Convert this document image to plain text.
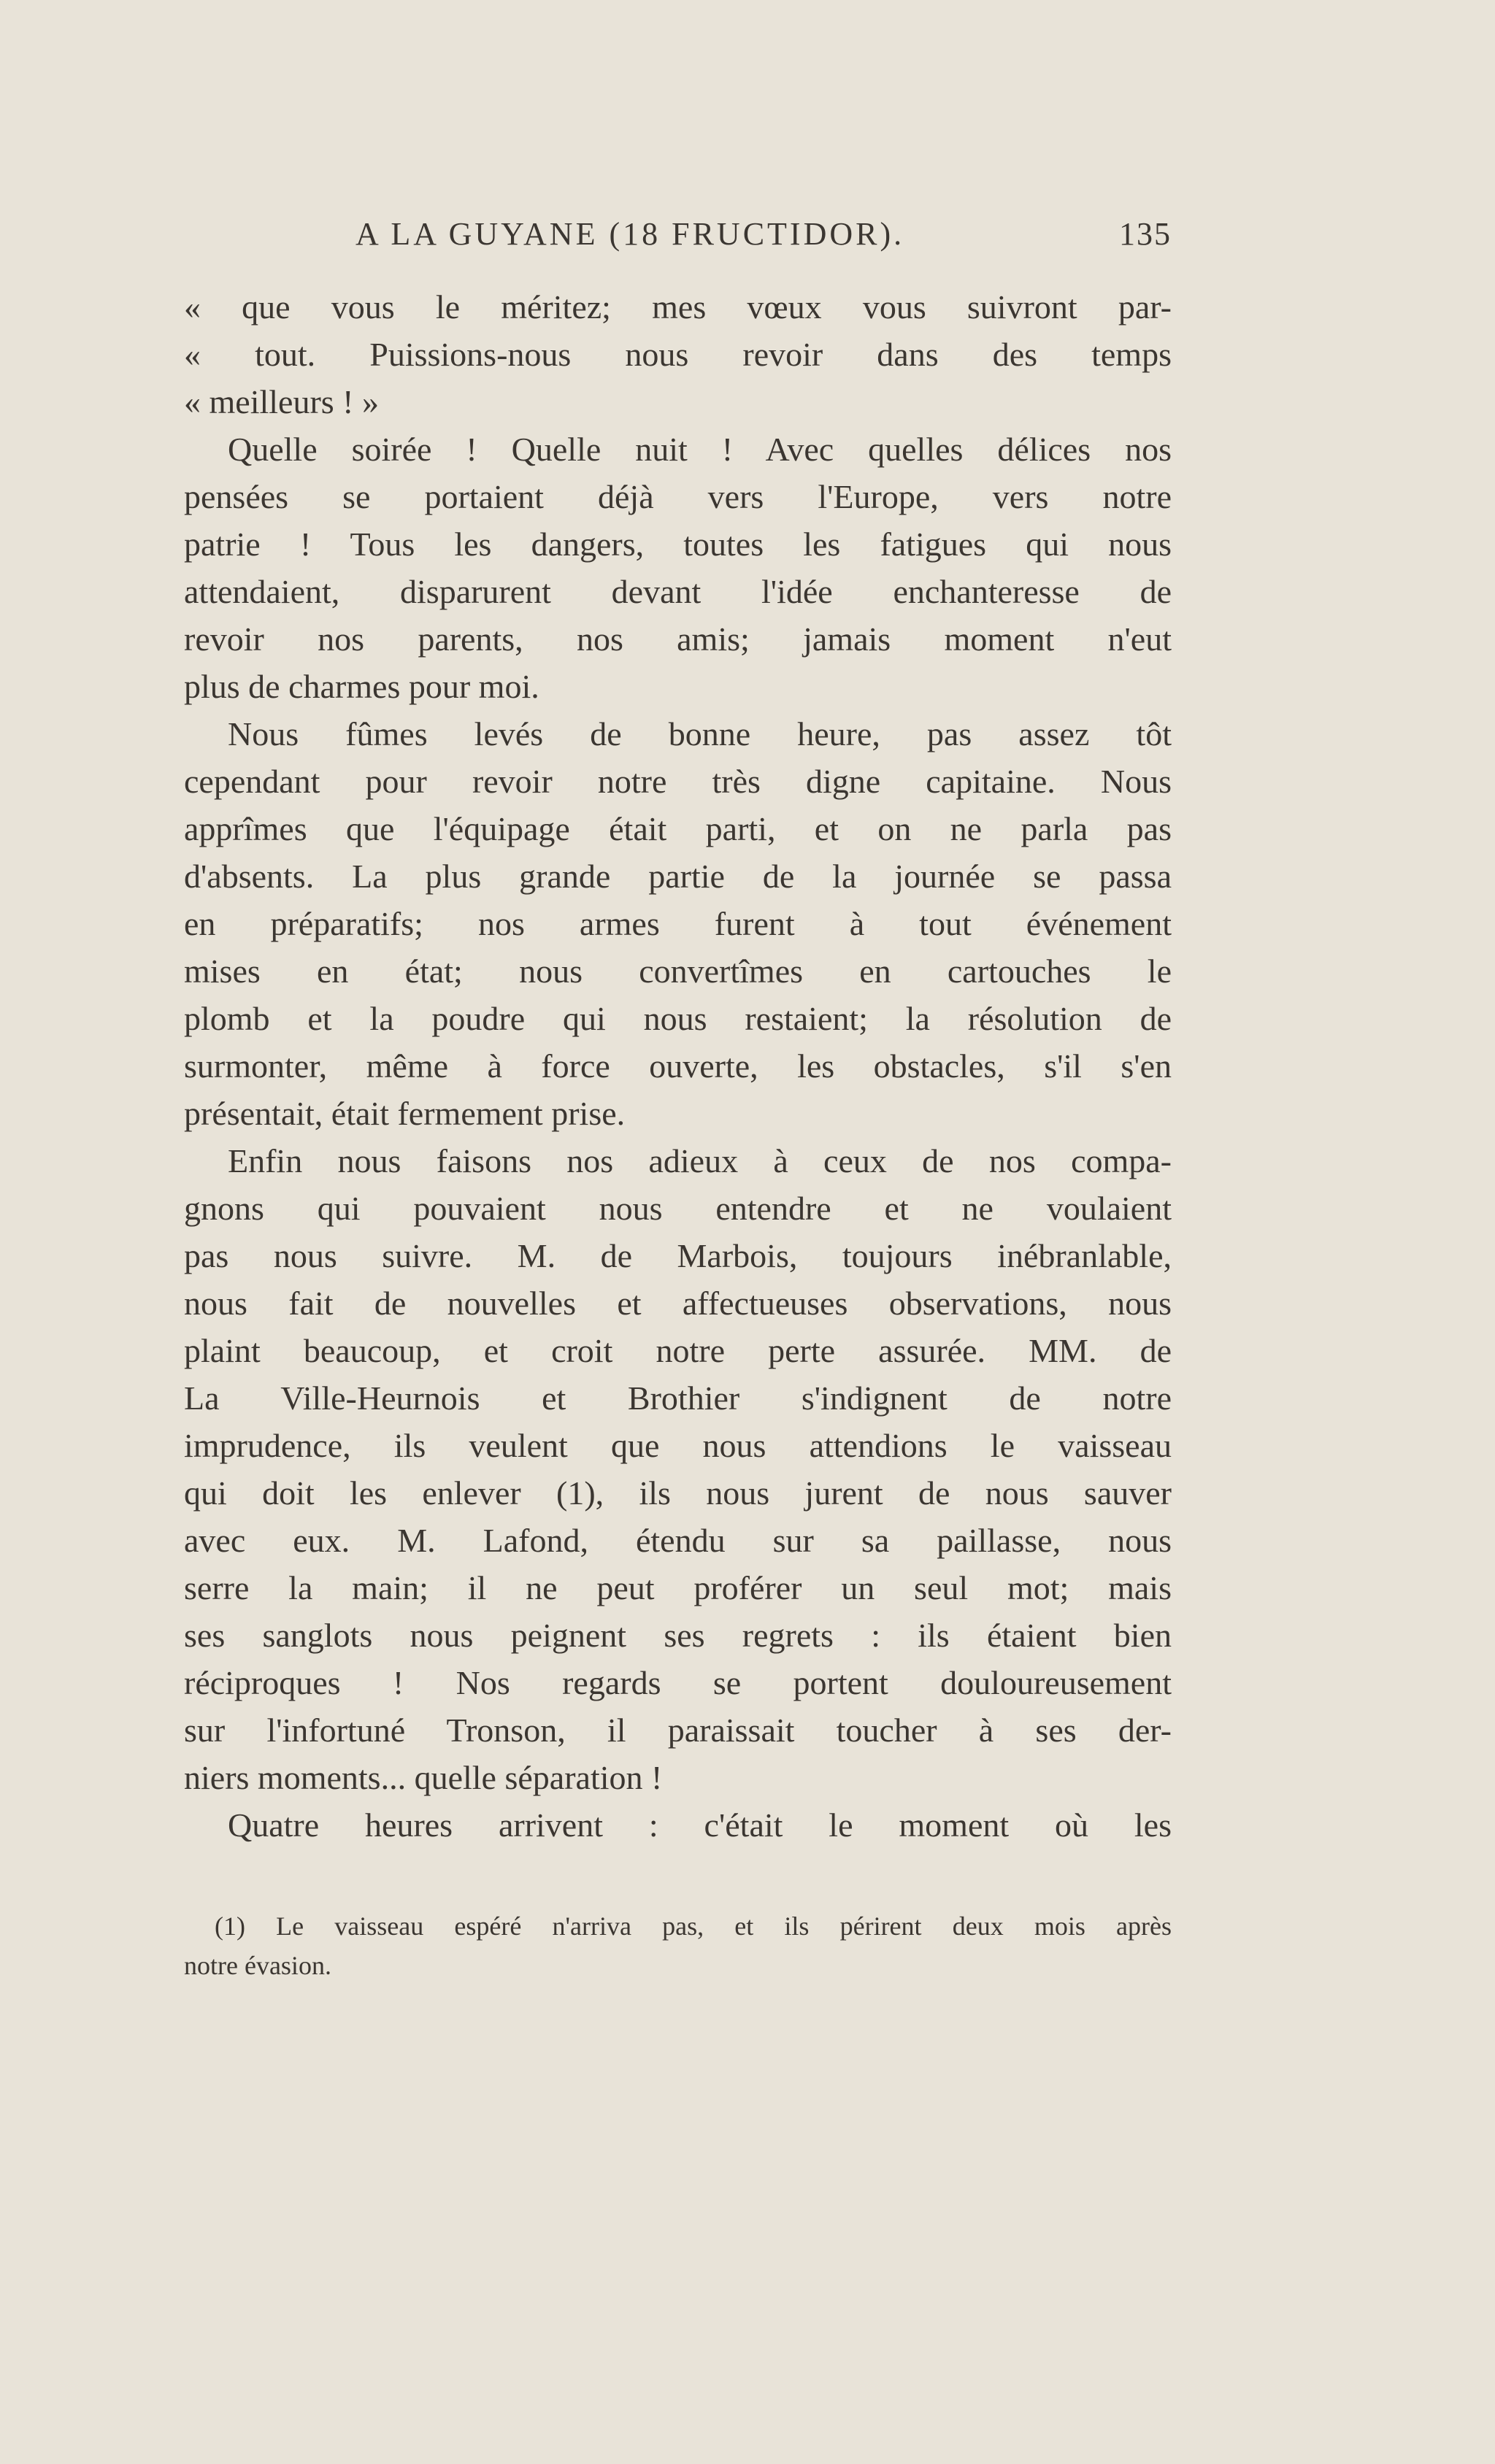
A LA GUYANE (18 FRUCTIDOR).	135
« que vous le méritez; mes vœux vous suivront par-
« tout. Puissions-nous nous revoir dans des temps
« meilleurs ! »
Quelle soirée ! Quelle nuit ! Avec quelles délices nos
pensées se portaient déjà vers l'Europe, vers notre
patrie ! Tous les dangers, toutes les fatigues qui nous
attendaient, disparurent devant l'idée enchanteresse de
revoir nos parents, nos amis; jamais moment n'eut
plus de charmes pour moi.
Nous fûmes levés de bonne heure, pas assez tôt
cependant pour revoir notre très digne capitaine. Nous
apprîmes que l'équipage était parti, et on ne parla pas
d'absents. La plus grande partie de la journée se passa
en préparatifs; nos armes furent à tout événement
mises en état; nous convertîmes en cartouches le
plomb et la poudre qui nous restaient; la résolution de
surmonter, même à force ouverte, les obstacles, s'il s'en
présentait, était fermement prise.
Enfin nous faisons nos adieux à ceux de nos compa-
gnons qui pouvaient nous entendre et ne voulaient
pas nous suivre. M. de Marbois, toujours inébranlable,
nous fait de nouvelles et affectueuses observations, nous
plaint beaucoup, et croit notre perte assurée. MM. de
La Ville-Heurnois et Brothier s'indignent de notre
imprudence, ils veulent que nous attendions le vaisseau
qui doit les enlever (1), ils nous jurent de nous sauver
avec eux. M. Lafond, étendu sur sa paillasse, nous
serre la main; il ne peut proférer un seul mot; mais
ses sanglots nous peignent ses regrets : ils étaient bien
réciproques ! Nos regards se portent douloureusement
sur l'infortuné Tronson, il paraissait toucher à ses der-
niers moments... quelle séparation !
Quatre heures arrivent : c'était le moment où les
(1) Le vaisseau espéré n'arriva pas, et ils périrent deux mois après
notre évasion.
